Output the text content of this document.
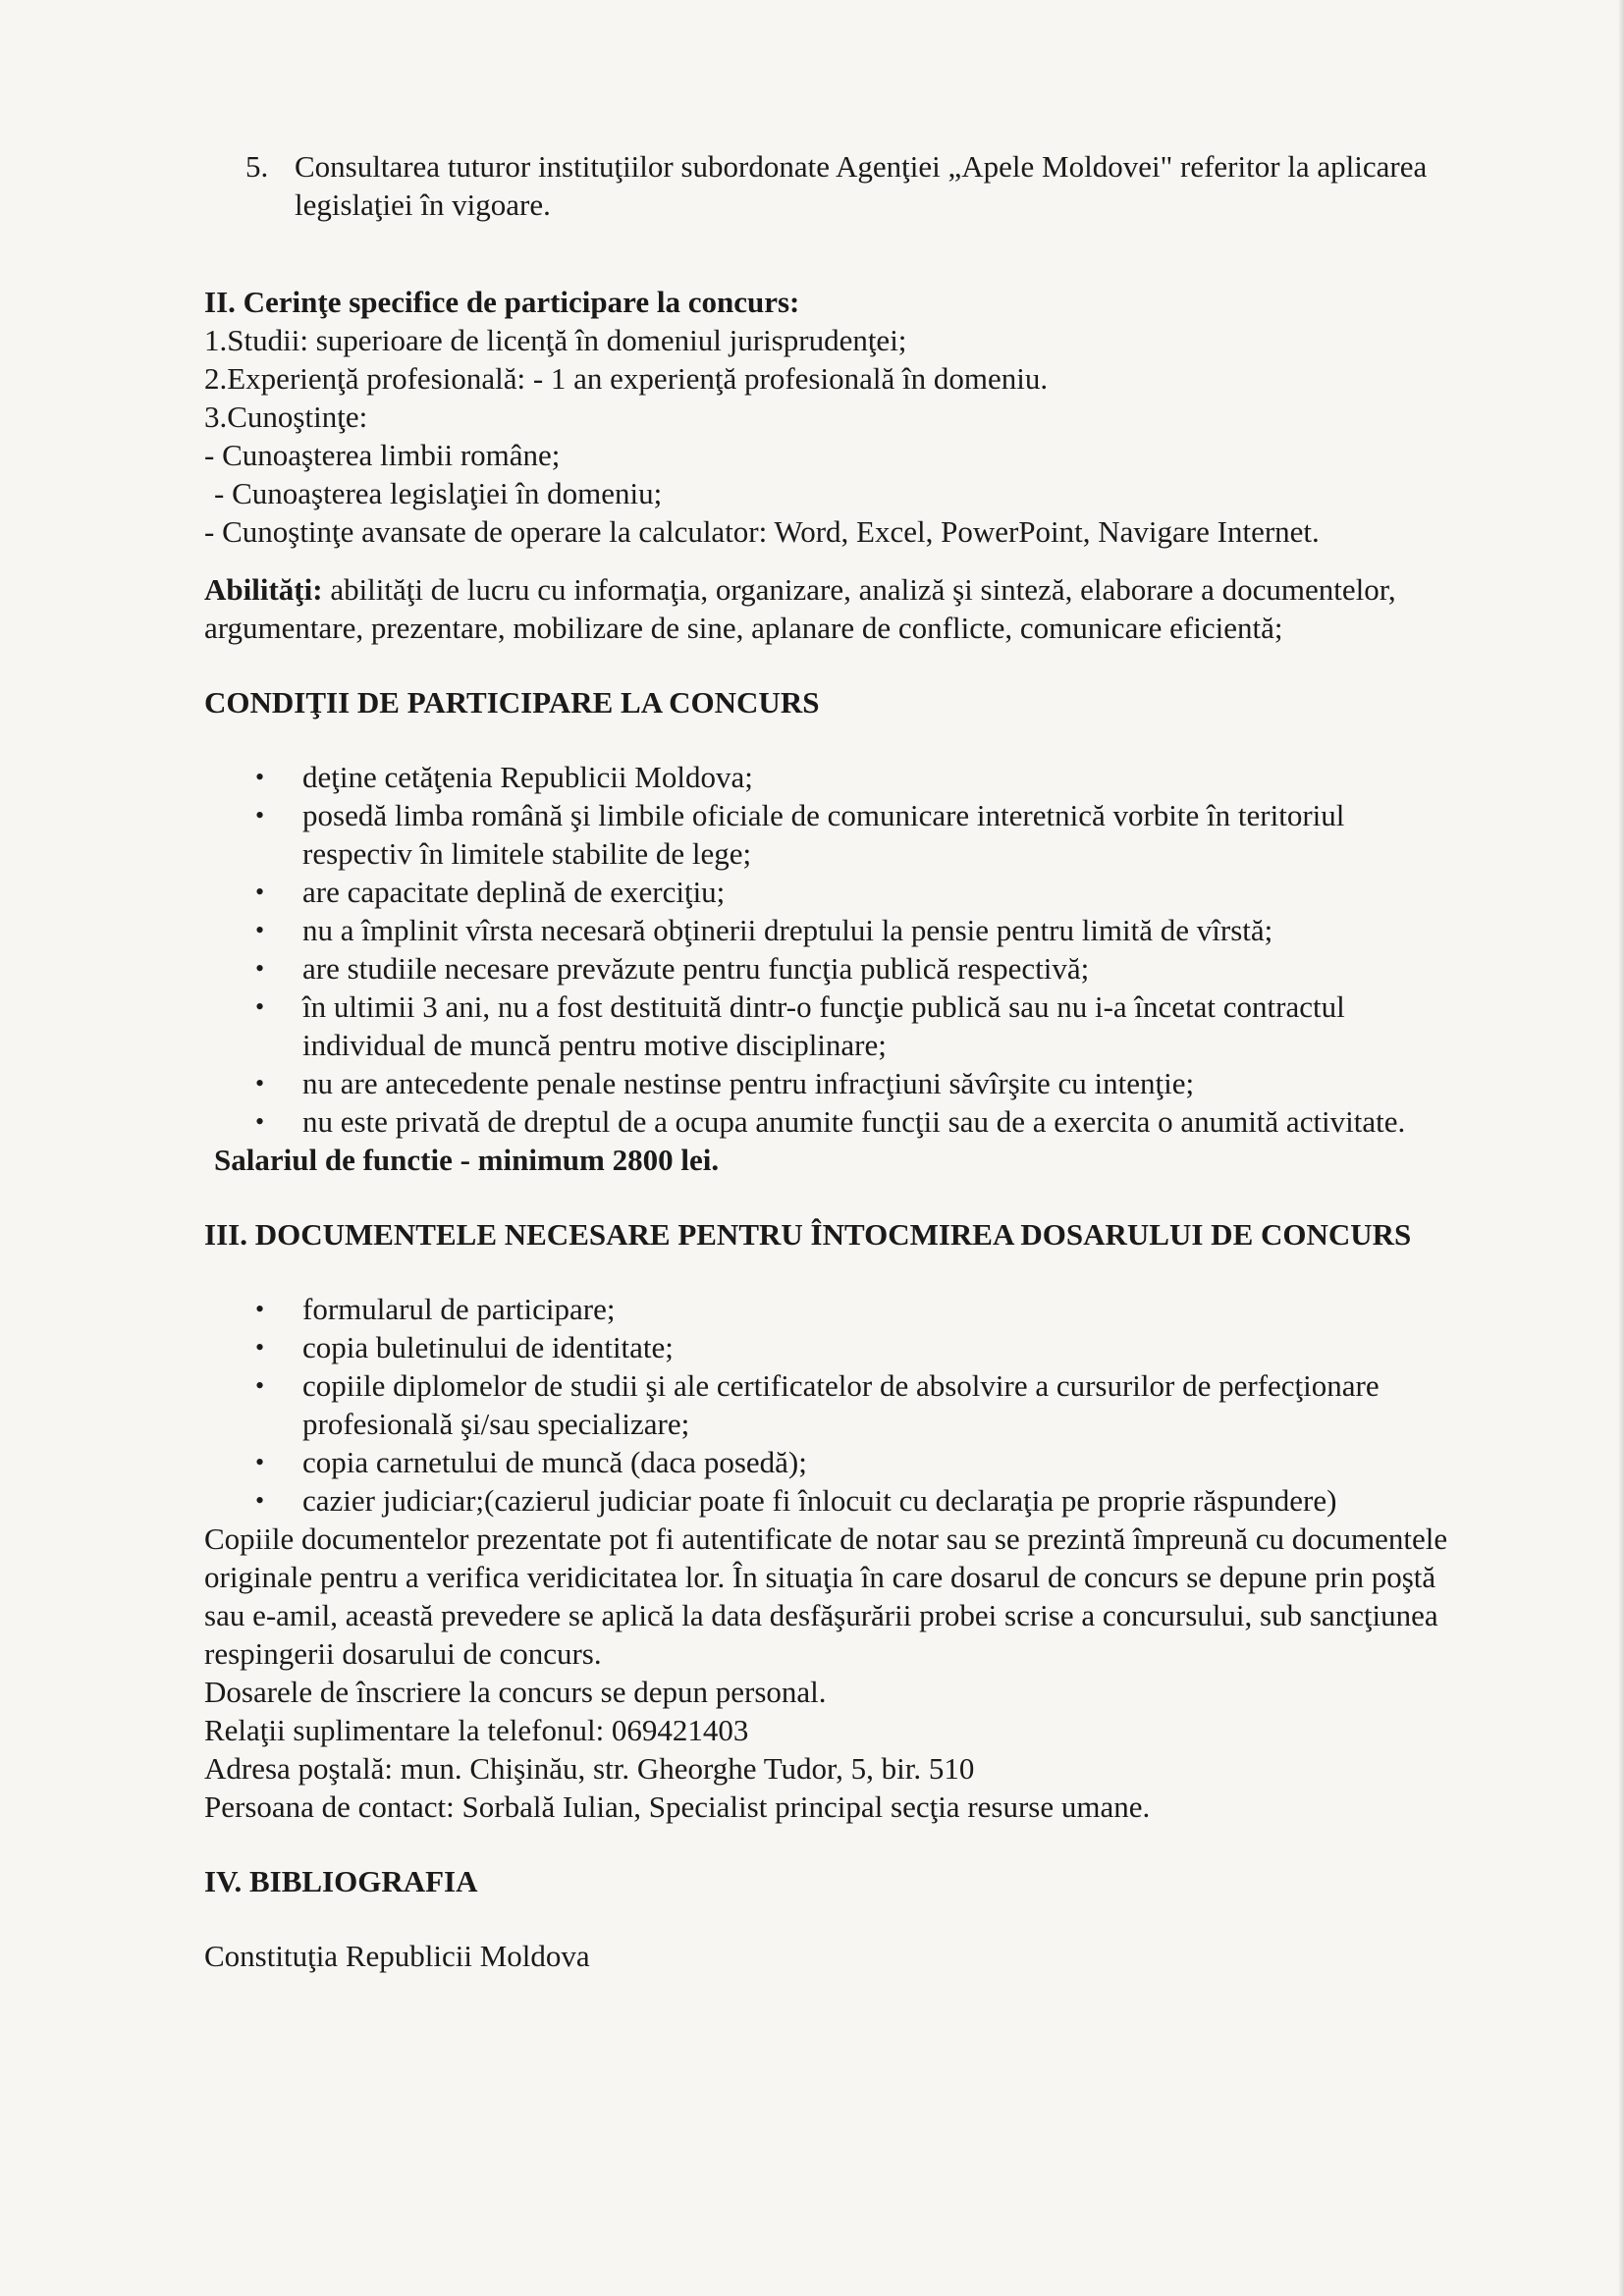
5. Consultarea tuturor instituţiilor subordonate Agenţiei „Apele Moldovei" referitor la aplicarea legislaţiei în vigoare.
II. Cerinţe specifice de participare la concurs:
1.Studii: superioare de licenţă în domeniul jurisprudenţei;
2.Experienţă profesională: - 1 an experienţă profesională în domeniu.
3.Cunoştinţe:
- Cunoaşterea limbii române;
- Cunoaşterea legislaţiei în domeniu;
- Cunoştinţe avansate de operare la calculator: Word, Excel, PowerPoint, Navigare Internet.
Abilităţi: abilităţi de lucru cu informaţia, organizare, analiză şi sinteză, elaborare a documentelor, argumentare, prezentare, mobilizare de sine, aplanare de conflicte, comunicare eficientă;
CONDIŢII DE PARTICIPARE LA CONCURS
• deţine cetăţenia Republicii Moldova;
• posedă limba română şi limbile oficiale de comunicare interetnică vorbite în teritoriul respectiv în limitele stabilite de lege;
• are capacitate deplină de exerciţiu;
• nu a împlinit vîrsta necesară obţinerii dreptului la pensie pentru limită de vîrstă;
• are studiile necesare prevăzute pentru funcţia publică respectivă;
• în ultimii 3 ani, nu a fost destituită dintr-o funcţie publică sau nu i-a încetat contractul individual de muncă pentru motive disciplinare;
• nu are antecedente penale nestinse pentru infracţiuni săvîrşite cu intenţie;
• nu este privată de dreptul de a ocupa anumite funcţii sau de a exercita o anumită activitate.
Salariul de functie - minimum 2800 lei.
III. DOCUMENTELE NECESARE PENTRU ÎNTOCMIREA DOSARULUI DE CONCURS
• formularul de participare;
• copia buletinului de identitate;
• copiile diplomelor de studii şi ale certificatelor de absolvire a cursurilor de perfecţionare profesională şi/sau specializare;
• copia carnetului de muncă (daca posedă);
• cazier judiciar;(cazierul judiciar poate fi înlocuit cu declaraţia pe proprie răspundere)
Copiile documentelor prezentate pot fi autentificate de notar sau se prezintă împreună cu documentele originale pentru a verifica veridicitatea lor. În situaţia în care dosarul de concurs se depune prin poştă sau e-amil, această prevedere se aplică la data desfăşurării probei scrise a concursului, sub sancţiunea respingerii dosarului de concurs.
Dosarele de înscriere la concurs se depun personal.
Relaţii suplimentare la telefonul: 069421403
Adresa poştală: mun. Chişinău, str. Gheorghe Tudor, 5, bir. 510
Persoana de contact: Sorbală Iulian, Specialist principal secţia resurse umane.
IV. BIBLIOGRAFIA
Constituţia Republicii Moldova
